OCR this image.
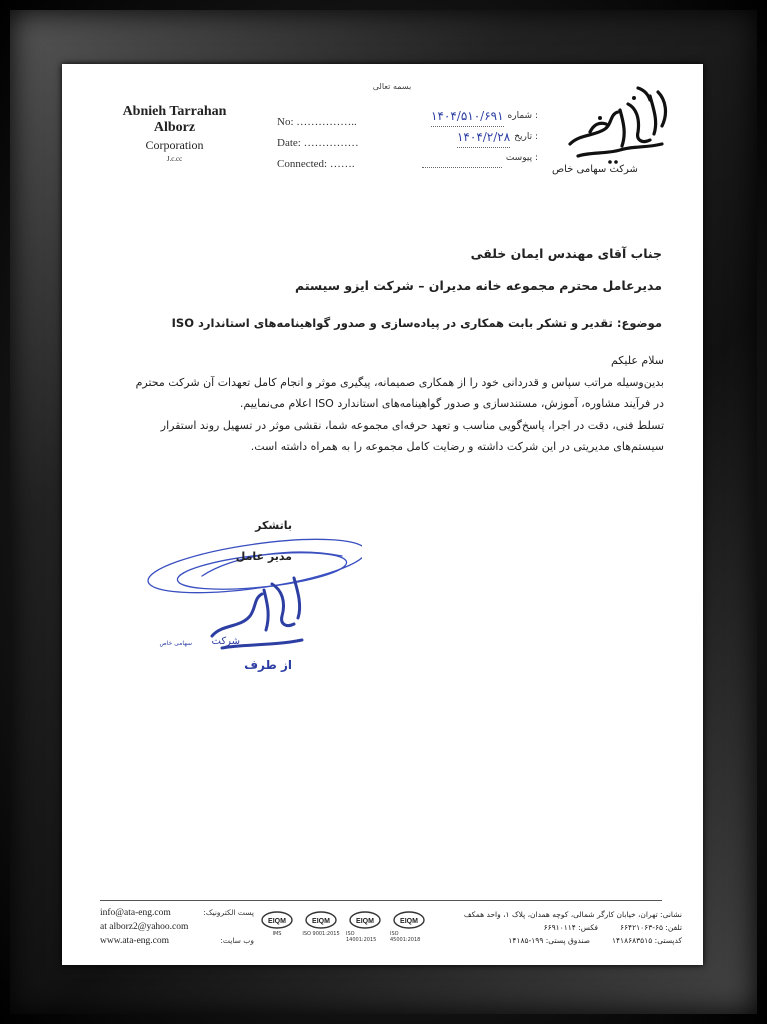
بسمه تعالی
Abnieh Tarrahan
Alborz
Corporation
J.c.cc
No: ……………..
Date: ……………
Connected: …….
: شماره
۱۴۰۴/۵۱۰/۶۹۱
: تاریخ
۱۴۰۴/۲/۲۸
: پیوست
شرکت سهامی خاص
جناب آقای مهندس ایمان خلقی
مدیرعامل محترم مجموعه خانه مدیران – شرکت ایزو سیستم
موضوع: تقدیر و تشکر بابت همکاری در پیاده‌سازی و صدور گواهینامه‌های استاندارد ISO

سلام علیکم

بدین‌وسیله مراتب سپاس و قدردانی خود را از همکاری صمیمانه، پیگیری موثر و انجام کامل تعهدات آن شرکت محترم در فرآیند مشاوره، آموزش، مستندسازی و صدور گواهینامه‌های استاندارد ISO اعلام می‌نماییم.

تسلط فنی، دقت در اجرا، پاسخ‌گویی مناسب و تعهد حرفه‌ای مجموعه شما، نقشی موثر در تسهیل روند استقرار سیستم‌های مدیریتی در این شرکت داشته و رضایت کامل مجموعه را به همراه داشته است.

باتشکر
مدیر عامل
شرکت
سهامی خاص
از طرف
info@ata-eng.com
at alborz2@yahoo.com
www.ata-eng.com
پست الکترونیک:

وب سایت:
EIQM
IMS
EIQM
ISO 9001:2015
EIQM
ISO 14001:2015
EIQM
ISO 45001:2018
نشانی: تهران، خیابان کارگر شمالی، کوچه همدان، پلاک ۱، واحد همکف
تلفن: ۶۵-۶۶۴۲۱۰۶۳
فکس: ۶۶۹۱۰۱۱۴
کدپستی: ۱۴۱۸۶۸۳۵۱۵
صندوق پستی: ۱۹۹-۱۴۱۸۵
